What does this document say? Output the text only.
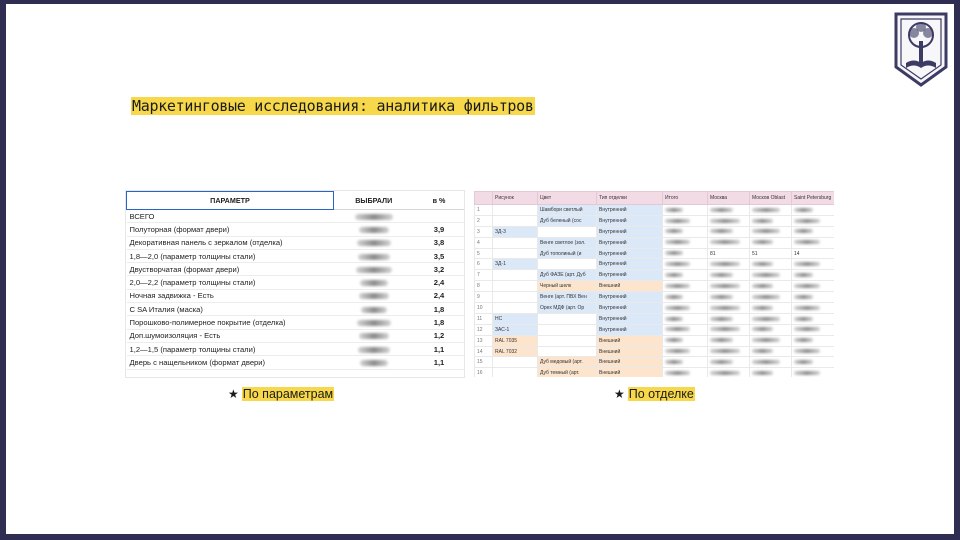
Маркетинговые исследования: аналитика фильтров
ПАРАМЕТР	ВЫБРАЛИ	в %
ВСЕГО		
Полуторная (формат двери)		3,9
Декоративная панель с зеркалом (отделка)		3,8
1,8—2,0 (параметр толщины стали)		3,5
Двустворчатая (формат двери)		3,2
2,0—2,2 (параметр толщины стали)		2,4
Ночная задвижка - Есть		2,4
С SA Италия (маска)		1,8
Порошково-полимерное покрытие (отделка)		1,8
Доп.шумоизоляция - Есть		1,2
1,2—1,5 (параметр толщины стали)		1,1
Дверь с нащельником (формат двери)		1,1
	Рисунок	Цвет	Тип отделки	Итого	Москва	Москов Oblast	Saint Petersburg
1		Шамбори светлый	Внутренний				
2		Дуб беленый (сос	Внутренний				
3	ЗД-3		Внутренний				
4		Венге светлое (зол.	Внутренний				
5		Дуб тополиный (и	Внутренний		81	51	14
6	ЗД-1		Внутренний				
7		Дуб ФАЗЕ (арт. Дуб	Внутренний				
8		Черный шелк	Внешний				
9		Венге (арт. ПВХ Вен	Внутренний				
10		Орех МДФ (арт. Ор	Внутренний				
11	НС		Внутренний				
12	ЗАС-1		Внутренний				
13	RAL 7035		Внешний				
14	RAL 7032		Внешний				
15		Дуб медовый (арт.	Внешний				
16		Дуб темный (арт.	Внешний				
★ По параметрам	★ По отделке
